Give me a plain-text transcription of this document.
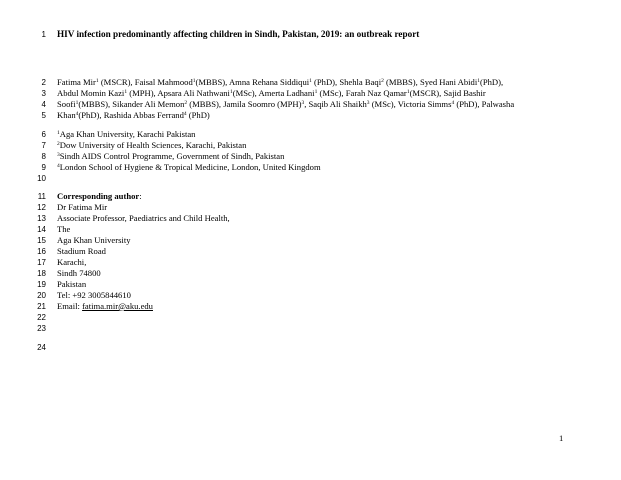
1
2
3
4
5
6
7
8
9
10
11
12
13
14
15
16
17
18
19
20
21
22
23
24
HIV infection predominantly affecting children in Sindh, Pakistan, 2019: an outbreak report
Fatima Mir$^1$ (MSCR), Faisal Mahmood$^1$(MBBS), Amna Rehana Siddiqui$^1$ (PhD), Shehla Baqi$^2$ (MBBS), Syed Hani Abidi$^1$(PhD),
Abdul Momin Kazi$^1$ (MPH), Apsara Ali Nathwani$^1$(MSc), Amerta Ladhani$^1$ (MSc), Farah Naz Qamar$^1$(MSCR), Sajid Bashir
Soofi$^1$(MBBS), Sikander Ali Memon$^2$ (MBBS), Jamila Soomro (MPH)$^3$, Saqib Ali Shaikh$^3$ (MSc), Victoria Simms$^4$ (PhD), Palwasha
Khan$^4$(PhD), Rashida Abbas Ferrand$^4$ (PhD)
$^1$Aga Khan University, Karachi Pakistan
$^2$Dow University of Health Sciences, Karachi, Pakistan
$^3$Sindh AIDS Control Programme, Government of Sindh, Pakistan
$^4$London School of Hygiene & Tropical Medicine, London, United Kingdom
Corresponding author:
Dr Fatima Mir
Associate Professor, Paediatrics and Child Health,
The
Aga Khan University
Stadium Road
Karachi,
Sindh 74800
Pakistan
Tel: +92 3005844610
Email: fatima.mir@aku.edu
1
